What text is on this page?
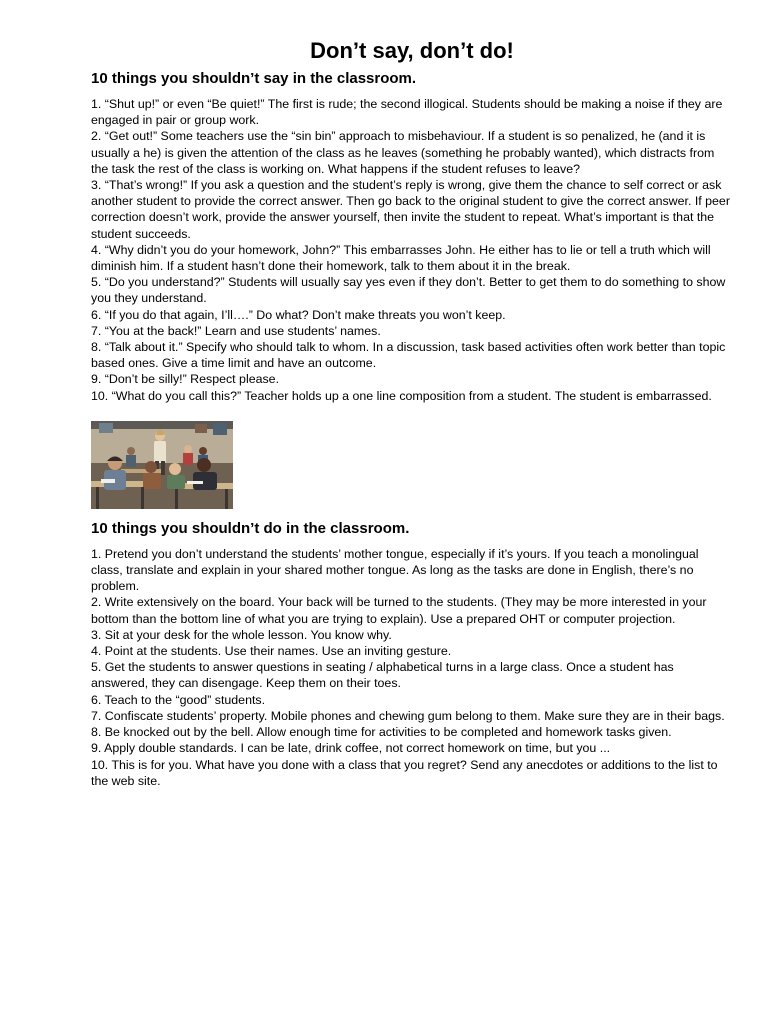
Don’t say, don’t do!
10 things you shouldn’t say in the classroom.

1. “Shut up!” or even “Be quiet!” The first is rude; the second illogical. Students should be making a noise if they are engaged in pair or group work.

2. “Get out!” Some teachers use the “sin bin” approach to misbehaviour. If a student is so penalized, he (and it is usually a he) is given the attention of the class as he leaves (something he probably wanted), which distracts from the task the rest of the class is working on. What happens if the student refuses to leave?

3. “That’s wrong!” If you ask a question and the student’s reply is wrong, give them the chance to self correct or ask another student to provide the correct answer. Then go back to the original student to give the correct answer. If peer correction doesn’t work, provide the answer yourself, then invite the student to repeat. What’s important is that the student succeeds.

4. “Why didn’t you do your homework, John?” This embarrasses John. He either has to lie or tell a truth which will diminish him. If a student hasn’t done their homework, talk to them about it in the break.

5. “Do you understand?” Students will usually say yes even if they don’t. Better to get them to do something to show you they understand.

6. “If you do that again, I’ll….” Do what? Don’t make threats you won’t keep.

7. “You at the back!” Learn and use students’ names.

8. “Talk about it.” Specify who should talk to whom. In a discussion, task based activities often work better than topic based ones. Give a time limit and have an outcome.

9. “Don’t be silly!” Respect please.

10. “What do you call this?” Teacher holds up a one line composition from a student. The student is embarrassed.

10 things you shouldn’t do in the classroom.

1. Pretend you don’t understand the students’ mother tongue, especially if it’s yours. If you teach a monolingual class, translate and explain in your shared mother tongue. As long as the tasks are done in English, there’s no problem.

2. Write extensively on the board. Your back will be turned to the students. (They may be more interested in your bottom than the bottom line of what you are trying to explain). Use a prepared OHT or computer projection.

3. Sit at your desk for the whole lesson. You know why.

4. Point at the students. Use their names. Use an inviting gesture.

5. Get the students to answer questions in seating / alphabetical turns in a large class. Once a student has answered, they can disengage. Keep them on their toes.

6. Teach to the “good” students.

7. Confiscate students’ property. Mobile phones and chewing gum belong to them. Make sure they are in their bags.

8. Be knocked out by the bell. Allow enough time for activities to be completed and homework tasks given.

9. Apply double standards. I can be late, drink coffee, not correct homework on time, but you ...

10. This is for you. What have you done with a class that you regret? Send any anecdotes or additions to the list to the web site.
